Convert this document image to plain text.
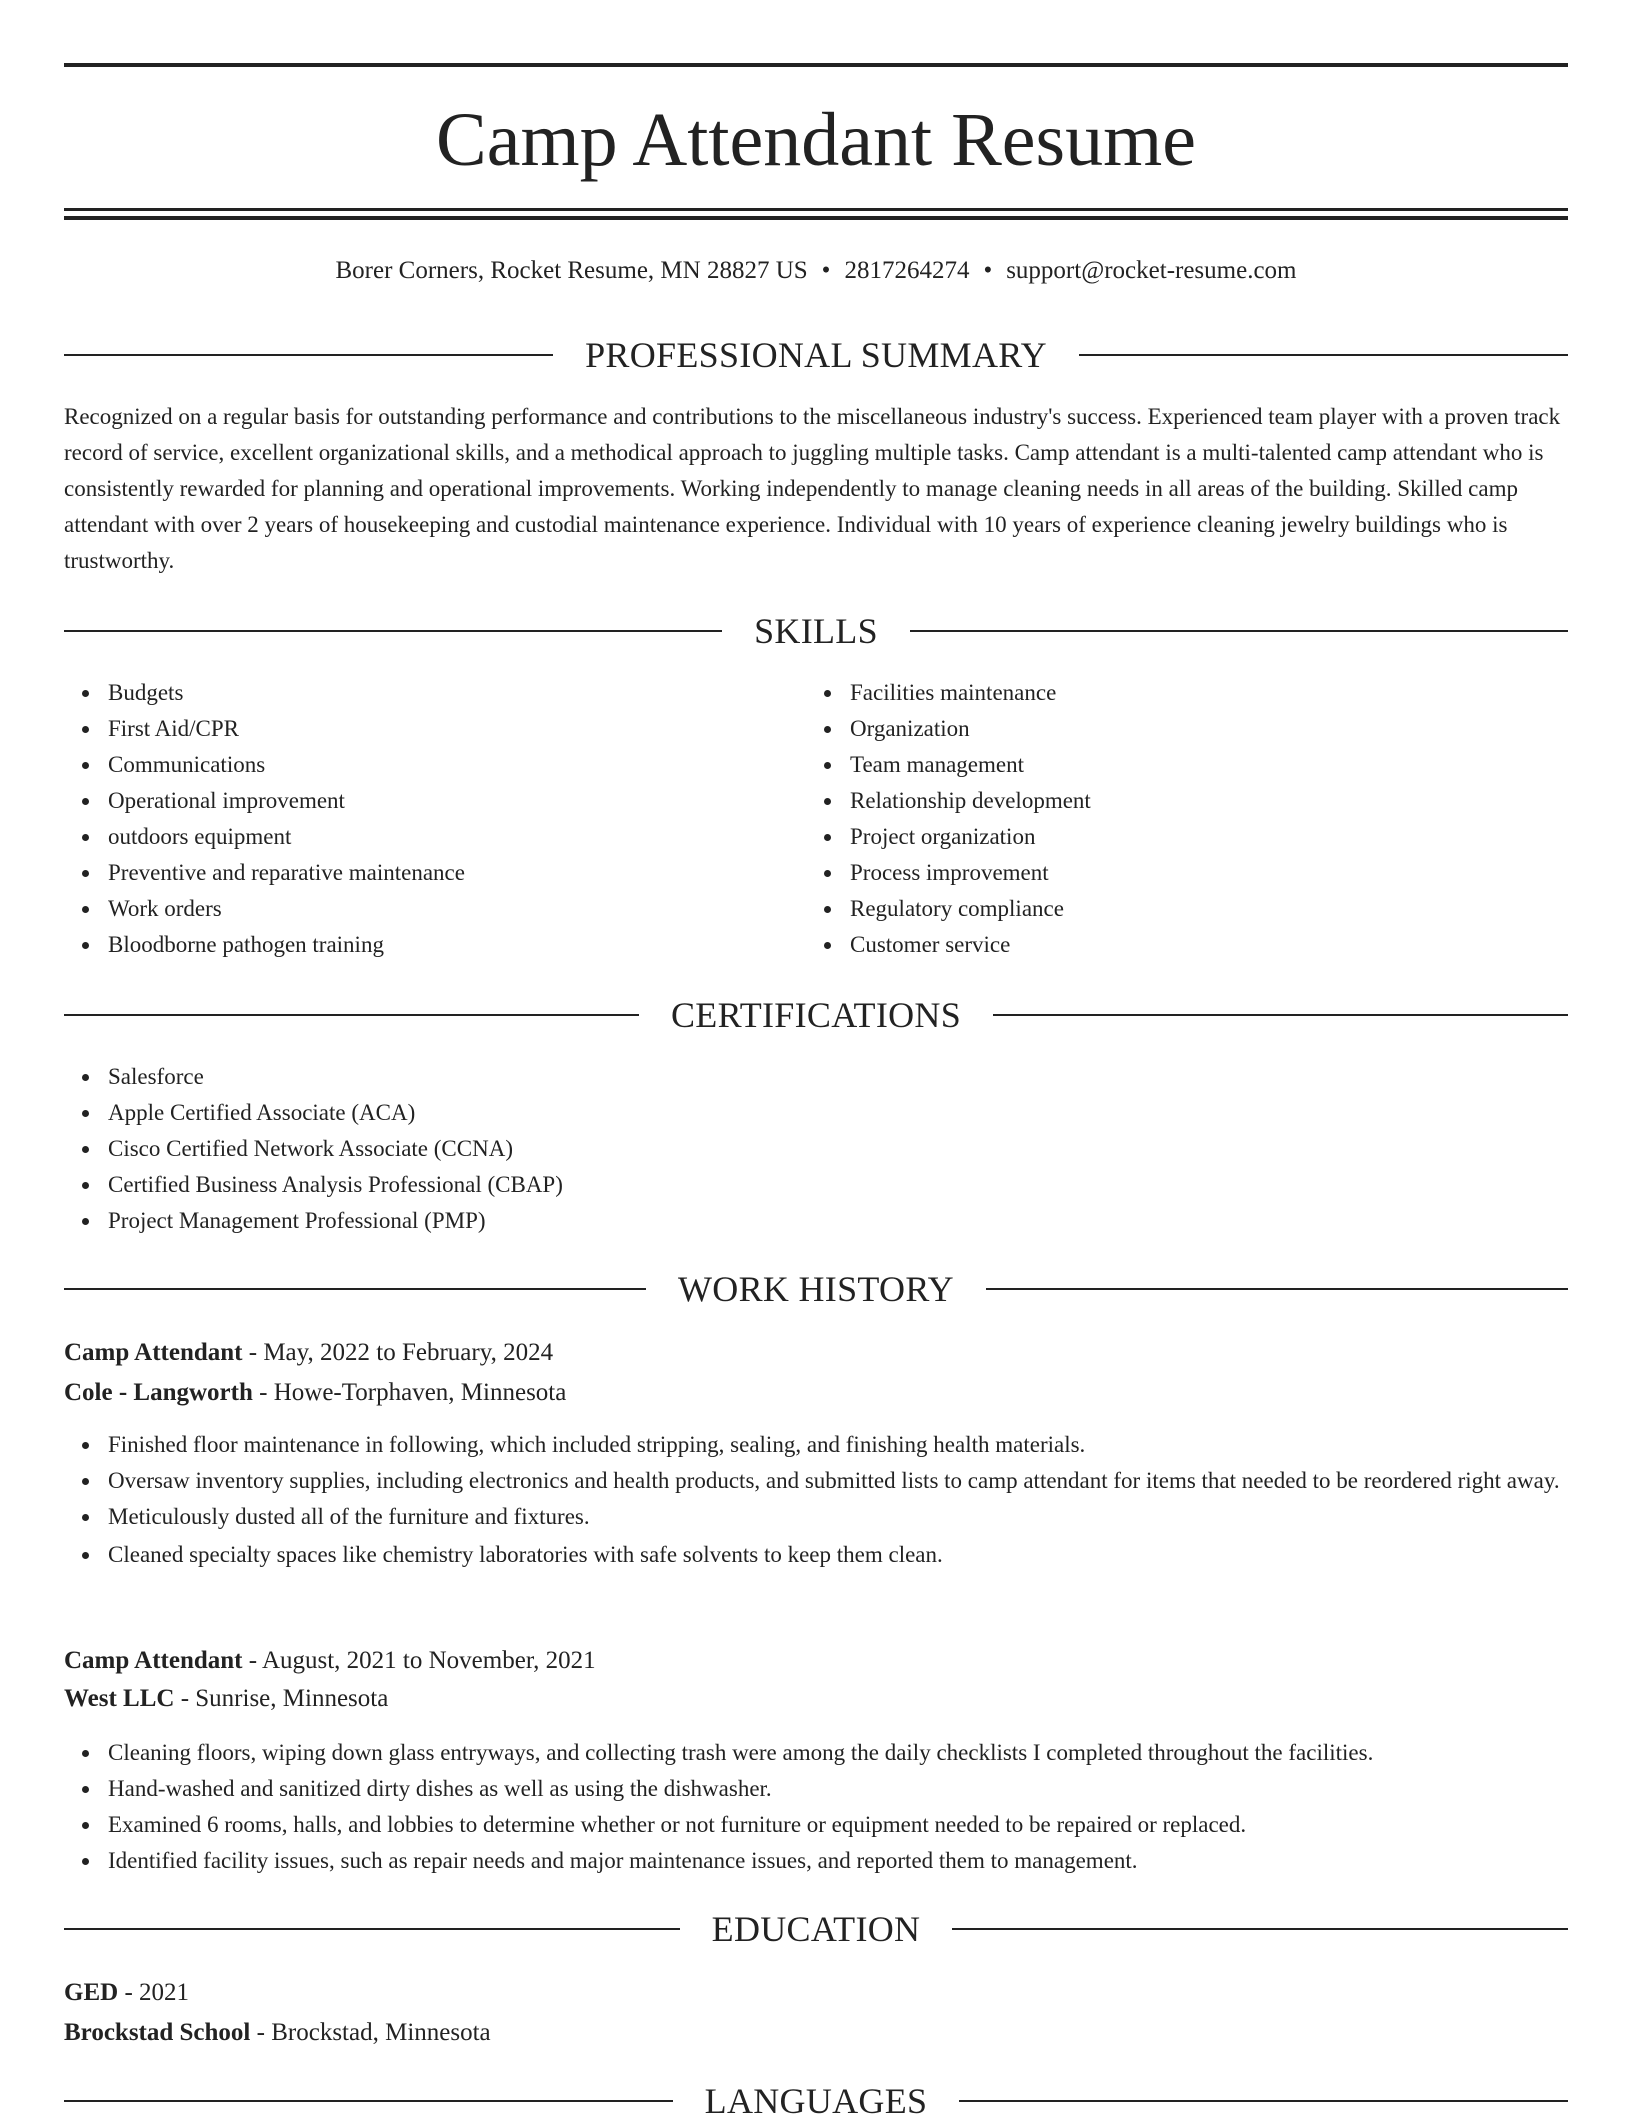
Camp Attendant Resume
Borer Corners, Rocket Resume, MN 28827 US • 2817264274 • support@rocket-resume.com
PROFESSIONAL SUMMARY

Recognized on a regular basis for outstanding performance and contributions to the miscellaneous industry's success. Experienced team player with a proven track record of service, excellent organizational skills, and a methodical approach to juggling multiple tasks. Camp attendant is a multi-talented camp attendant who is consistently rewarded for planning and operational improvements. Working independently to manage cleaning needs in all areas of the building. Skilled camp attendant with over 2 years of housekeeping and custodial maintenance experience. Individual with 10 years of experience cleaning jewelry buildings who is trustworthy.

SKILLS
Budgets
First Aid/CPR
Communications
Operational improvement
outdoors equipment
Preventive and reparative maintenance
Work orders
Bloodborne pathogen training
Facilities maintenance
Organization
Team management
Relationship development
Project organization
Process improvement
Regulatory compliance
Customer service
CERTIFICATIONS
Salesforce
Apple Certified Associate (ACA)
Cisco Certified Network Associate (CCNA)
Certified Business Analysis Professional (CBAP)
Project Management Professional (PMP)
WORK HISTORY
Camp Attendant - May, 2022 to February, 2024
Cole - Langworth - Howe-Torphaven, Minnesota
Finished floor maintenance in following, which included stripping, sealing, and finishing health materials.
Oversaw inventory supplies, including electronics and health products, and submitted lists to camp attendant for items that needed to be reordered right away.
Meticulously dusted all of the furniture and fixtures.
Cleaned specialty spaces like chemistry laboratories with safe solvents to keep them clean.
Camp Attendant - August, 2021 to November, 2021
West LLC - Sunrise, Minnesota
Cleaning floors, wiping down glass entryways, and collecting trash were among the daily checklists I completed throughout the facilities.
Hand-washed and sanitized dirty dishes as well as using the dishwasher.
Examined 6 rooms, halls, and lobbies to determine whether or not furniture or equipment needed to be repaired or replaced.
Identified facility issues, such as repair needs and major maintenance issues, and reported them to management.
EDUCATION
GED - 2021
Brockstad School - Brockstad, Minnesota
LANGUAGES
